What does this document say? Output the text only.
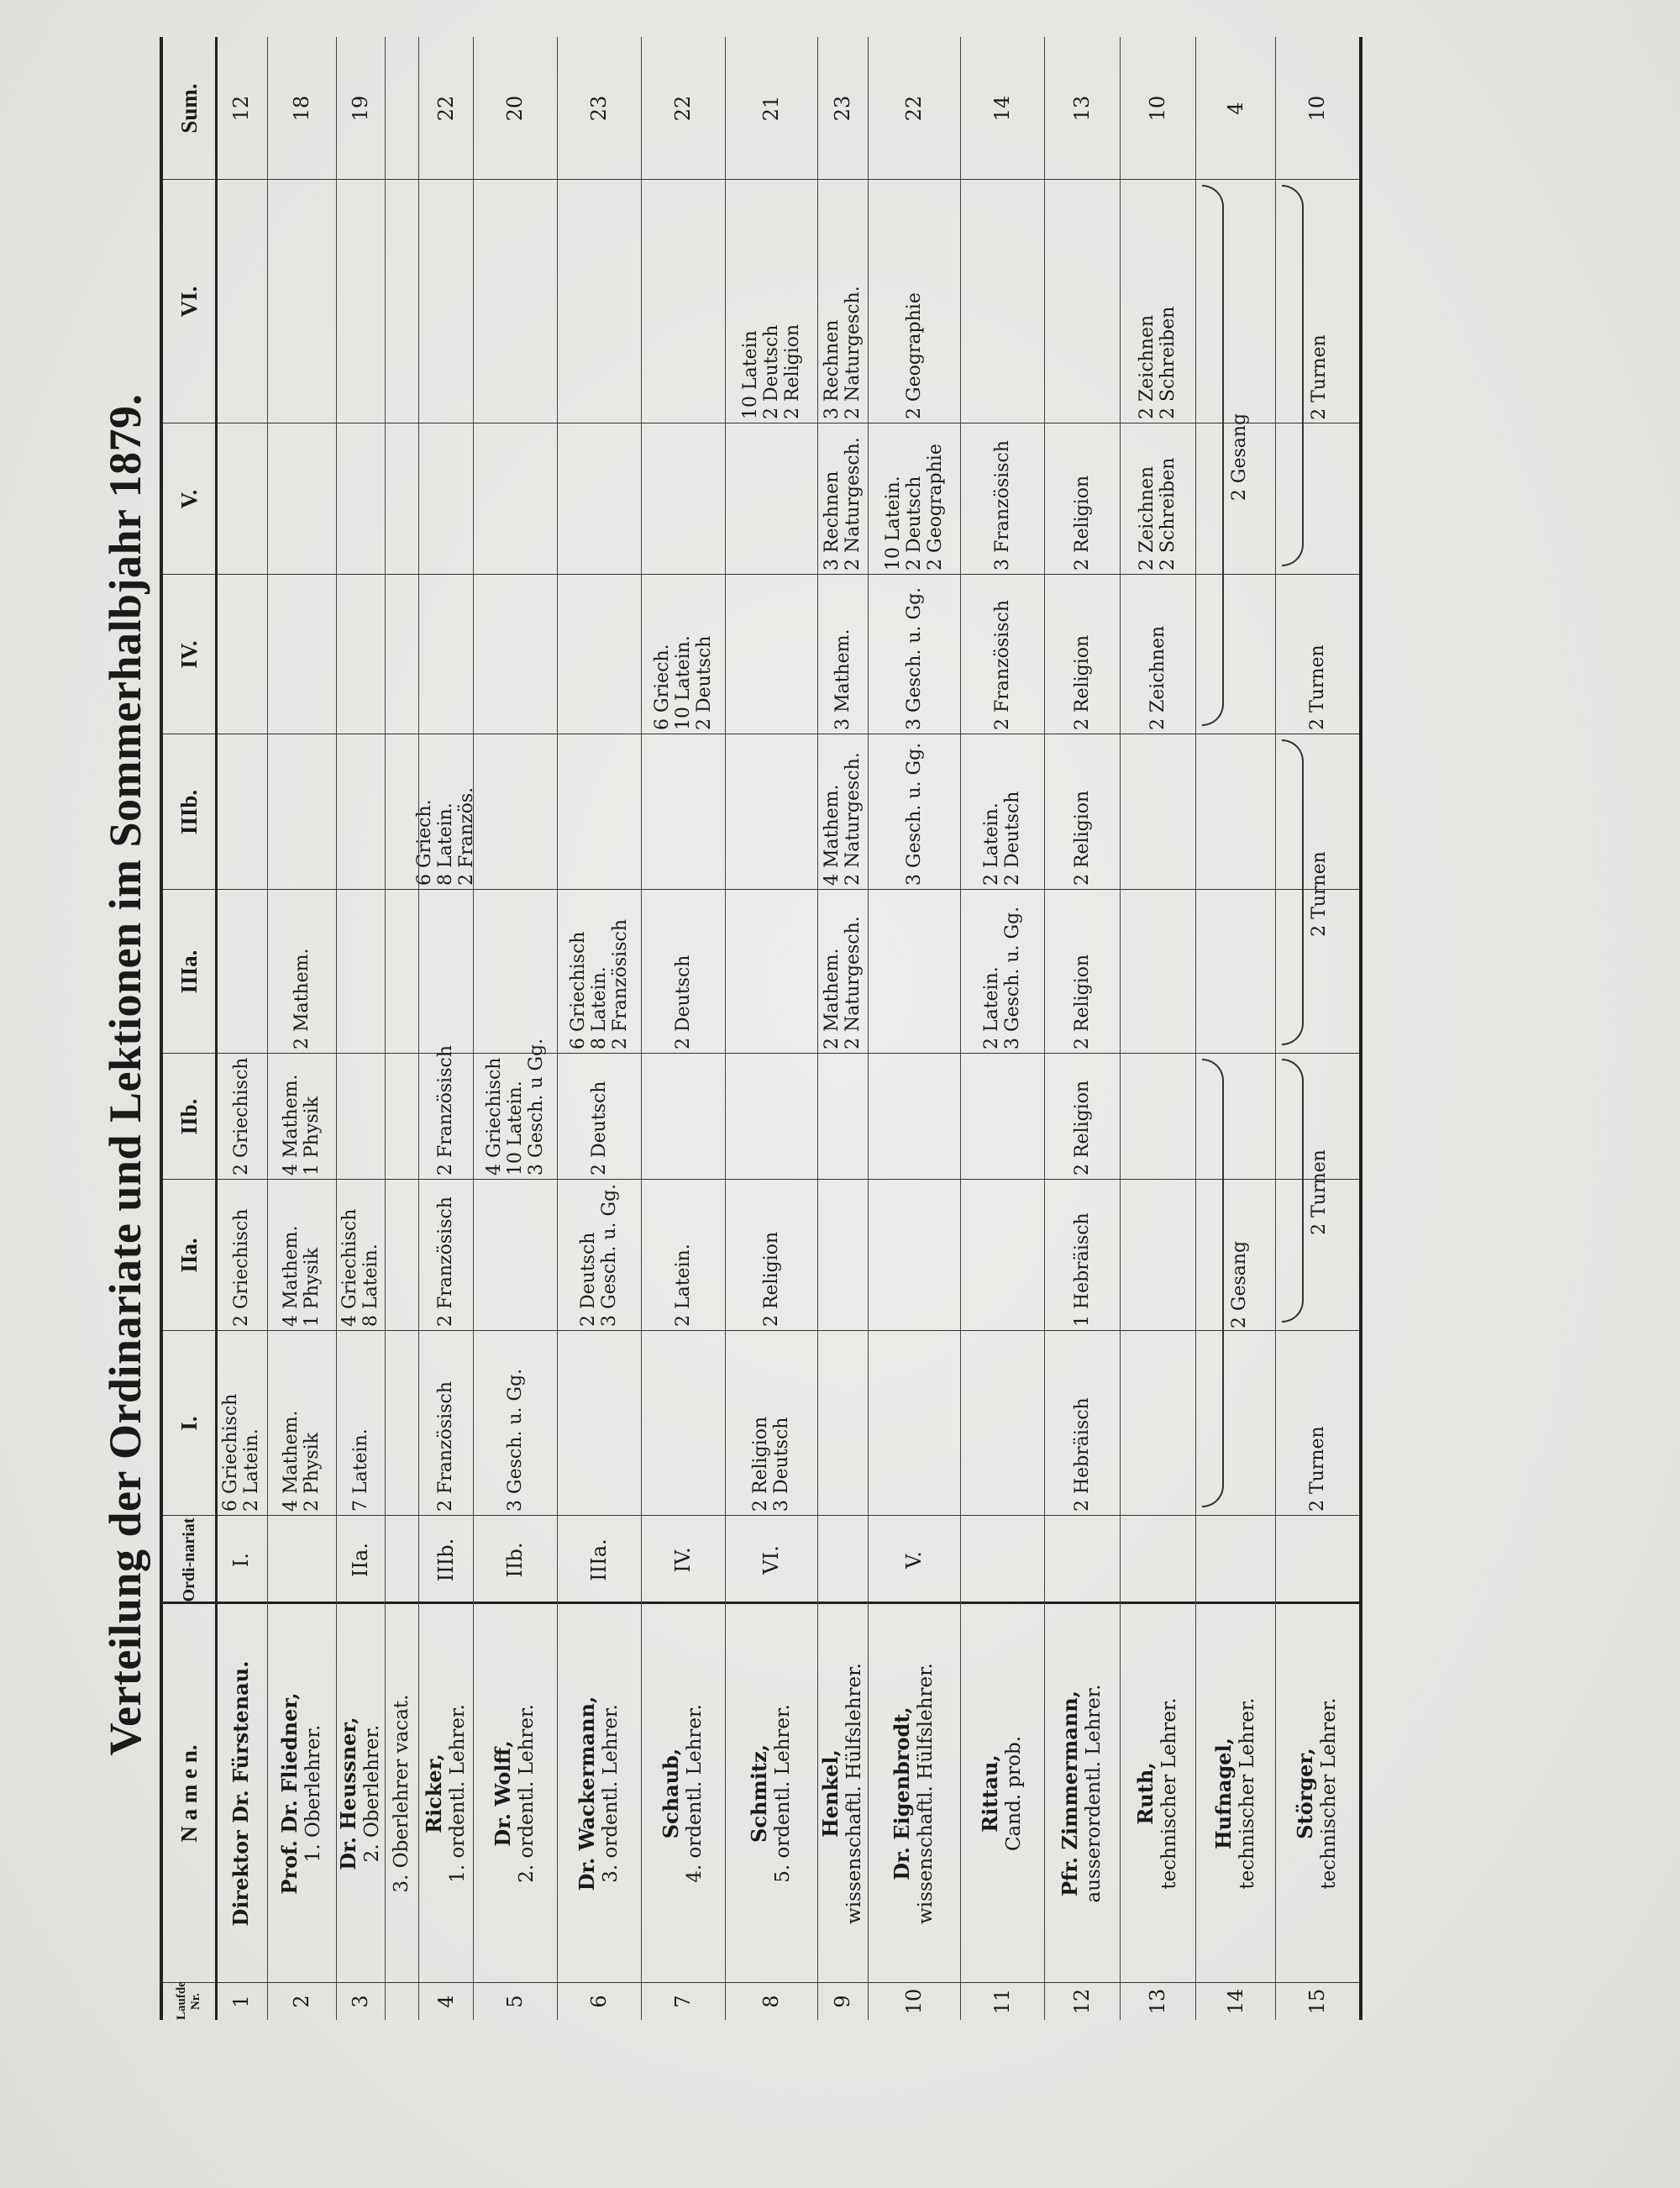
Verteilung der Ordinariate und Lektionen im Sommerhalbjahr 1879.
Laufde Nr.
N a m e n.
Ordi-nariat
I.
IIa.
IIb.
IIIa.
IIIb.
IV.
V.
VI.
Sum.
1
Direktor Dr. Fürstenau.
I.
6 Griechisch
2 Latein.
2 Griechisch
2 Griechisch
12
2
Prof. Dr. Fliedner, 1. Oberlehrer.
4 Mathem.
2 Physik
4 Mathem.
1 Physik
4 Mathem.
1 Physik
2 Mathem.
18
3
Dr. Heussner, 2. Oberlehrer.
IIa.
7 Latein.
4 Griechisch
8 Latein.
19
3. Oberlehrer vacat.
4
Ricker, 1. ordentl. Lehrer.
IIIb.
2 Französisch
2 Französisch
2 Französisch
6 Griech.
8 Latein.
2 Französ.
22
5
Dr. Wolff, 2. ordentl. Lehrer.
IIb.
3 Gesch. u. Gg.
4 Griechisch
10 Latein.
3 Gesch. u Gg.
20
6
Dr. Wackermann, 3. ordentl. Lehrer.
IIIa.
2 Deutsch
3 Gesch. u. Gg.
2 Deutsch
6 Griechisch
8 Latein.
2 Französisch
23
7
Schaub, 4. ordentl. Lehrer.
IV.
2 Latein.
2 Deutsch
6 Griech.
10 Latein.
2 Deutsch
22
8
Schmitz, 5. ordentl. Lehrer.
VI.
2 Religion
3 Deutsch
2 Religion
10 Latein
2 Deutsch
2 Religion
21
9
Henkel, wissenschaftl. Hülfslehrer.
2 Mathem.
2 Naturgesch.
4 Mathem.
2 Naturgesch.
3 Mathem.
3 Rechnen
2 Naturgesch.
3 Rechnen
2 Naturgesch.
23
10
Dr. Eigenbrodt, wissenschaftl. Hülfslehrer.
V.
3 Gesch. u. Gg.
3 Gesch. u. Gg.
10 Latein.
2 Deutsch
2 Geographie
2 Geographie
22
11
Rittau, Cand. prob.
2 Latein.
3 Gesch. u. Gg.
2 Latein.
2 Deutsch
2 Französisch
3 Französisch
14
12
Pfr. Zimmermann, ausserordentl. Lehrer.
2 Hebräisch
1 Hebräisch
2 Religion
2 Religion
2 Religion
2 Religion
2 Religion
13
13
Ruth, technischer Lehrer.
2 Zeichnen
2 Zeichnen
2 Schreiben
2 Zeichnen
2 Schreiben
10
14
Hufnagel, technischer Lehrer.
4
15
Störger, technischer Lehrer.
2 Turnen
2 Turnen
10
2 Gesang
2 Gesang
2 Turnen
2 Turnen
2 Turnen
